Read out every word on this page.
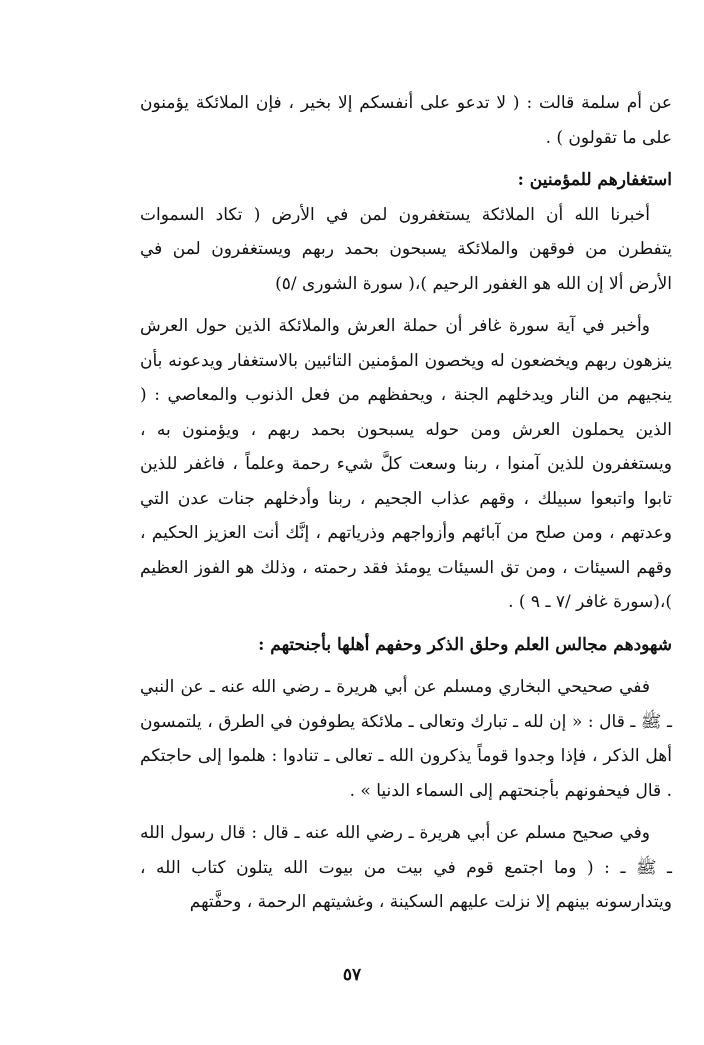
عن أم سلمة قالت : ( لا تدعو على أنفسكم إلا بخير ، فإن الملائكة يؤمنون على ما تقولون ) .

استغفارهم للمؤمنين :

أخبرنا الله أن الملائكة يستغفرون لمن في الأرض ( تكاد السموات يتفطرن من فوقهن والملائكة يسبحون بحمد ربهم ويستغفرون لمن في الأرض ألا إن الله هو الغفور الرحيم )،( سورة الشورى /٥)

وأخبر في آية سورة غافر أن حملة العرش والملائكة الذين حول العرش ينزهون ربهم ويخضعون له ويخصون المؤمنين التائبين بالاستغفار ويدعونه بأن ينجيهم من النار ويدخلهم الجنة ، ويحفظهم من فعل الذنوب والمعاصي : ( الذين يحملون العرش ومن حوله يسبحون بحمد ربهم ، ويؤمنون به ، ويستغفرون للذين آمنوا ، ربنا وسعت كلَّ شيء رحمة وعلماً ، فاغفر للذين تابوا واتبعوا سبيلك ، وقهم عذاب الجحيم ، ربنا وأدخلهم جنات عدن التي وعدتهم ، ومن صلح من آبائهم وأزواجهم وذرياتهم ، إنَّك أنت العزيز الحكيم ، وقهم السيئات ، ومن تق السيئات يومئذ فقد رحمته ، وذلك هو الفوز العظيم )،(سورة غافر /٧ ـ ٩ ) .

شهودهم مجالس العلم وحلق الذكر وحفهم أهلها بأجنحتهم :

ففي صحيحي البخاري ومسلم عن أبي هريرة ـ رضي الله عنه ـ عن النبي ـ ﷺ ـ قال : « إن لله ـ تبارك وتعالى ـ ملائكة يطوفون في الطرق ، يلتمسون أهل الذكر ، فإذا وجدوا قوماً يذكرون الله ـ تعالى ـ تنادوا : هلموا إلى حاجتكم . قال فيحفونهم بأجنحتهم إلى السماء الدنيا » .

وفي صحيح مسلم عن أبي هريرة ـ رضي الله عنه ـ قال : قال رسول الله ـ ﷺ ـ : ( وما اجتمع قوم في بيت من بيوت الله يتلون كتاب الله ، ويتدارسونه بينهم إلا نزلت عليهم السكينة ، وغشيتهم الرحمة ، وحفَّتهم

٥٧
